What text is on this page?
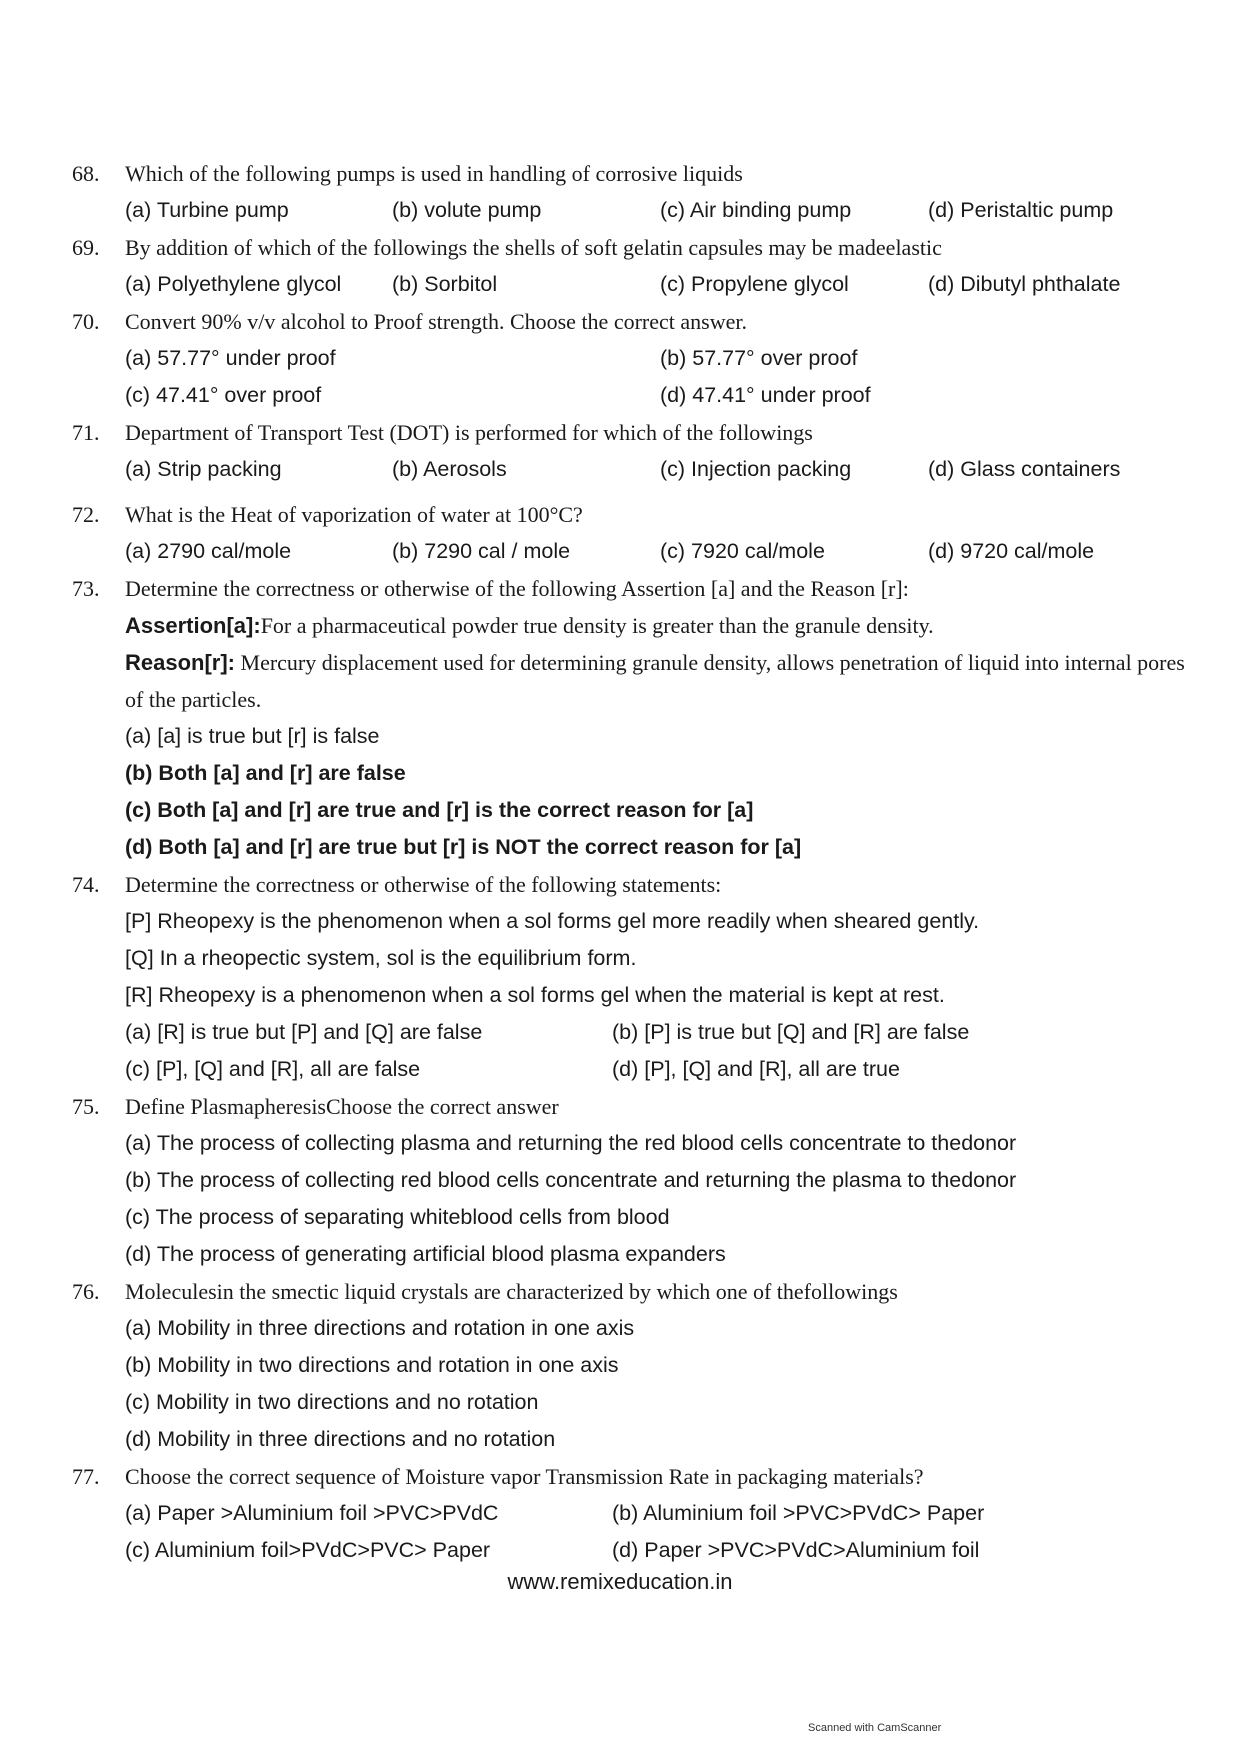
68.	Which of the following pumps is used in handling of corrosive liquids
(a) Turbine pump	(b) volute pump	(c) Air binding pump	(d) Peristaltic pump
69.	By addition of which of the followings the shells of soft gelatin capsules may be madeelastic
(a) Polyethylene glycol (b) Sorbitol	(c) Propylene glycol	(d) Dibutyl phthalate
70.	Convert 90% v/v alcohol to Proof strength. Choose the correct answer.
(a) 57.77° under proof	(b) 57.77° over proof
(c) 47.41° over proof	(d) 47.41° under proof
71.	Department of Transport Test (DOT) is performed for which of the followings
(a) Strip packing	(b) Aerosols	(c) Injection packing	(d) Glass containers
72.	What is the Heat of vaporization of water at 100°C?
(a) 2790 cal/mole	(b) 7290 cal / mole	(c) 7920 cal/mole	(d) 9720 cal/mole
73.	Determine the correctness or otherwise of the following Assertion [a] and the Reason [r]:
Assertion[a]:For a pharmaceutical powder true density is greater than the granule density.
Reason[r]: Mercury displacement used for determining granule density, allows penetration of liquid into internal pores of the particles.
(a) [a] is true but [r] is false
(b) Both [a] and [r] are false
(c) Both [a] and [r] are true and [r] is the correct reason for [a]
(d) Both [a] and [r] are true but [r] is NOT the correct reason for [a]
74.	Determine the correctness or otherwise of the following statements:
[P] Rheopexy is the phenomenon when a sol forms gel more readily when sheared gently.
[Q] In a rheopectic system, sol is the equilibrium form.
[R] Rheopexy is a phenomenon when a sol forms gel when the material is kept at rest.
(a) [R] is true but [P] and [Q] are false	(b) [P] is true but [Q] and [R] are false
(c) [P], [Q] and [R], all are false	(d) [P], [Q] and [R], all are true
75.	Define PlasmapheresisChoose the correct answer
(a) The process of collecting plasma and returning the red blood cells concentrate to thedonor
(b) The process of collecting red blood cells concentrate and returning the plasma to thedonor
(c) The process of separating whiteblood cells from blood
(d) The process of generating artificial blood plasma expanders
76.	Moleculesin the smectic liquid crystals are characterized by which one of thefollowings
(a) Mobility in three directions and rotation in one axis
(b) Mobility in two directions and rotation in one axis
(c) Mobility in two directions and no rotation
(d) Mobility in three directions and no rotation
77.	Choose the correct sequence of Moisture vapor Transmission Rate in packaging materials?
(a) Paper >Aluminium foil >PVC>PVdC	(b) Aluminium foil >PVC>PVdC> Paper
(c) Aluminium foil>PVdC>PVC> Paper	(d) Paper >PVC>PVdC>Aluminium foil
www.remixeducation.in
Scanned with CamScanner
